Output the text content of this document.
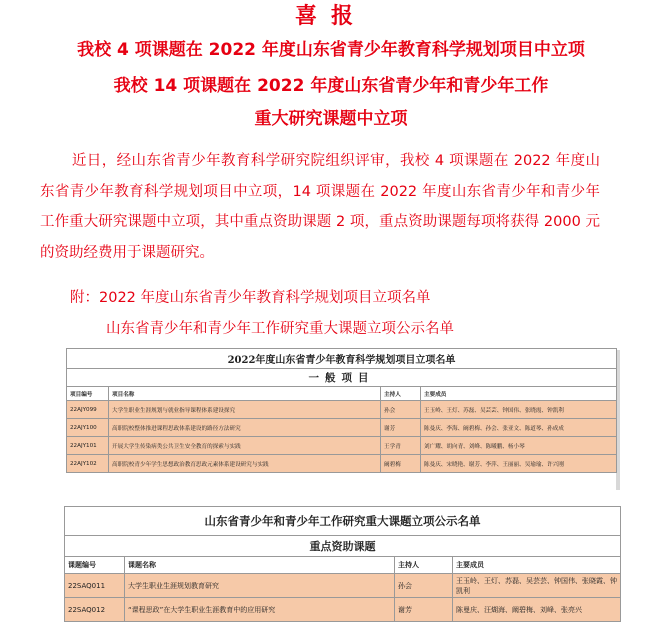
喜报
我校 4 项课题在 2022 年度山东省青少年教育科学规划项目中立项
我校 14 项课题在 2022 年度山东省青少年和青少年工作
重大研究课题中立项
近日，经山东省青少年教育科学研究院组织评审，我校 4 项课题在 2022 年度山东省青少年教育科学规划项目中立项，14 项课题在 2022 年度山东省青少年和青少年工作重大研究课题中立项，其中重点资助课题 2 项，重点资助课题每项将获得 2000 元的资助经费用于课题研究。
附：2022 年度山东省青少年教育科学规划项目立项名单
山东省青少年和青少年工作研究重大课题立项公示名单
2022年度山东省青少年教育科学规划项目立项名单			
一般项目			
项目编号	项目名称	主持人	主要成员
22AJY099	大学生职业生涯规划与就业指导课程体系建设探究	孙会	王玉岭、王灯、苏磊、吴芸芸、钟国伟、张晓霞、钟凯利
22AJY100	高职院校整体推进课程思政体系建设的路径方法研究	谢芳	陈曼庆、李海、阚碧梅、孙会、张亚文、陈道琴、孙成成
22AJY101	开展大学生传染病类公共卫生安全教育的探索与实践	王学青	刘广耀、胡向青、刘峰、陈曦鹏、杨小琴
22AJY102	高职院校青少年学生思想政治教育思政元素体系建设研究与实践	阚碧梅	陈曼庆、宋晓艳、谢芳、李萍、王丽丽、吴瑜瑜、许兴刚
山东省青少年和青少年工作研究重大课题立项公示名单			
重点资助课题			
课题编号	课题名称	主持人	主要成员
22SAQ011	大学生职业生涯规划教育研究	孙会	王玉岭、王灯、苏磊、吴芸芸、钟国伟、张晓霞、钟凯利
22SAQ012	“课程思政”在大学生职业生涯教育中的应用研究	谢芳	陈曼庆、汪煳海、阚碧梅、刘峰、张亮兴
